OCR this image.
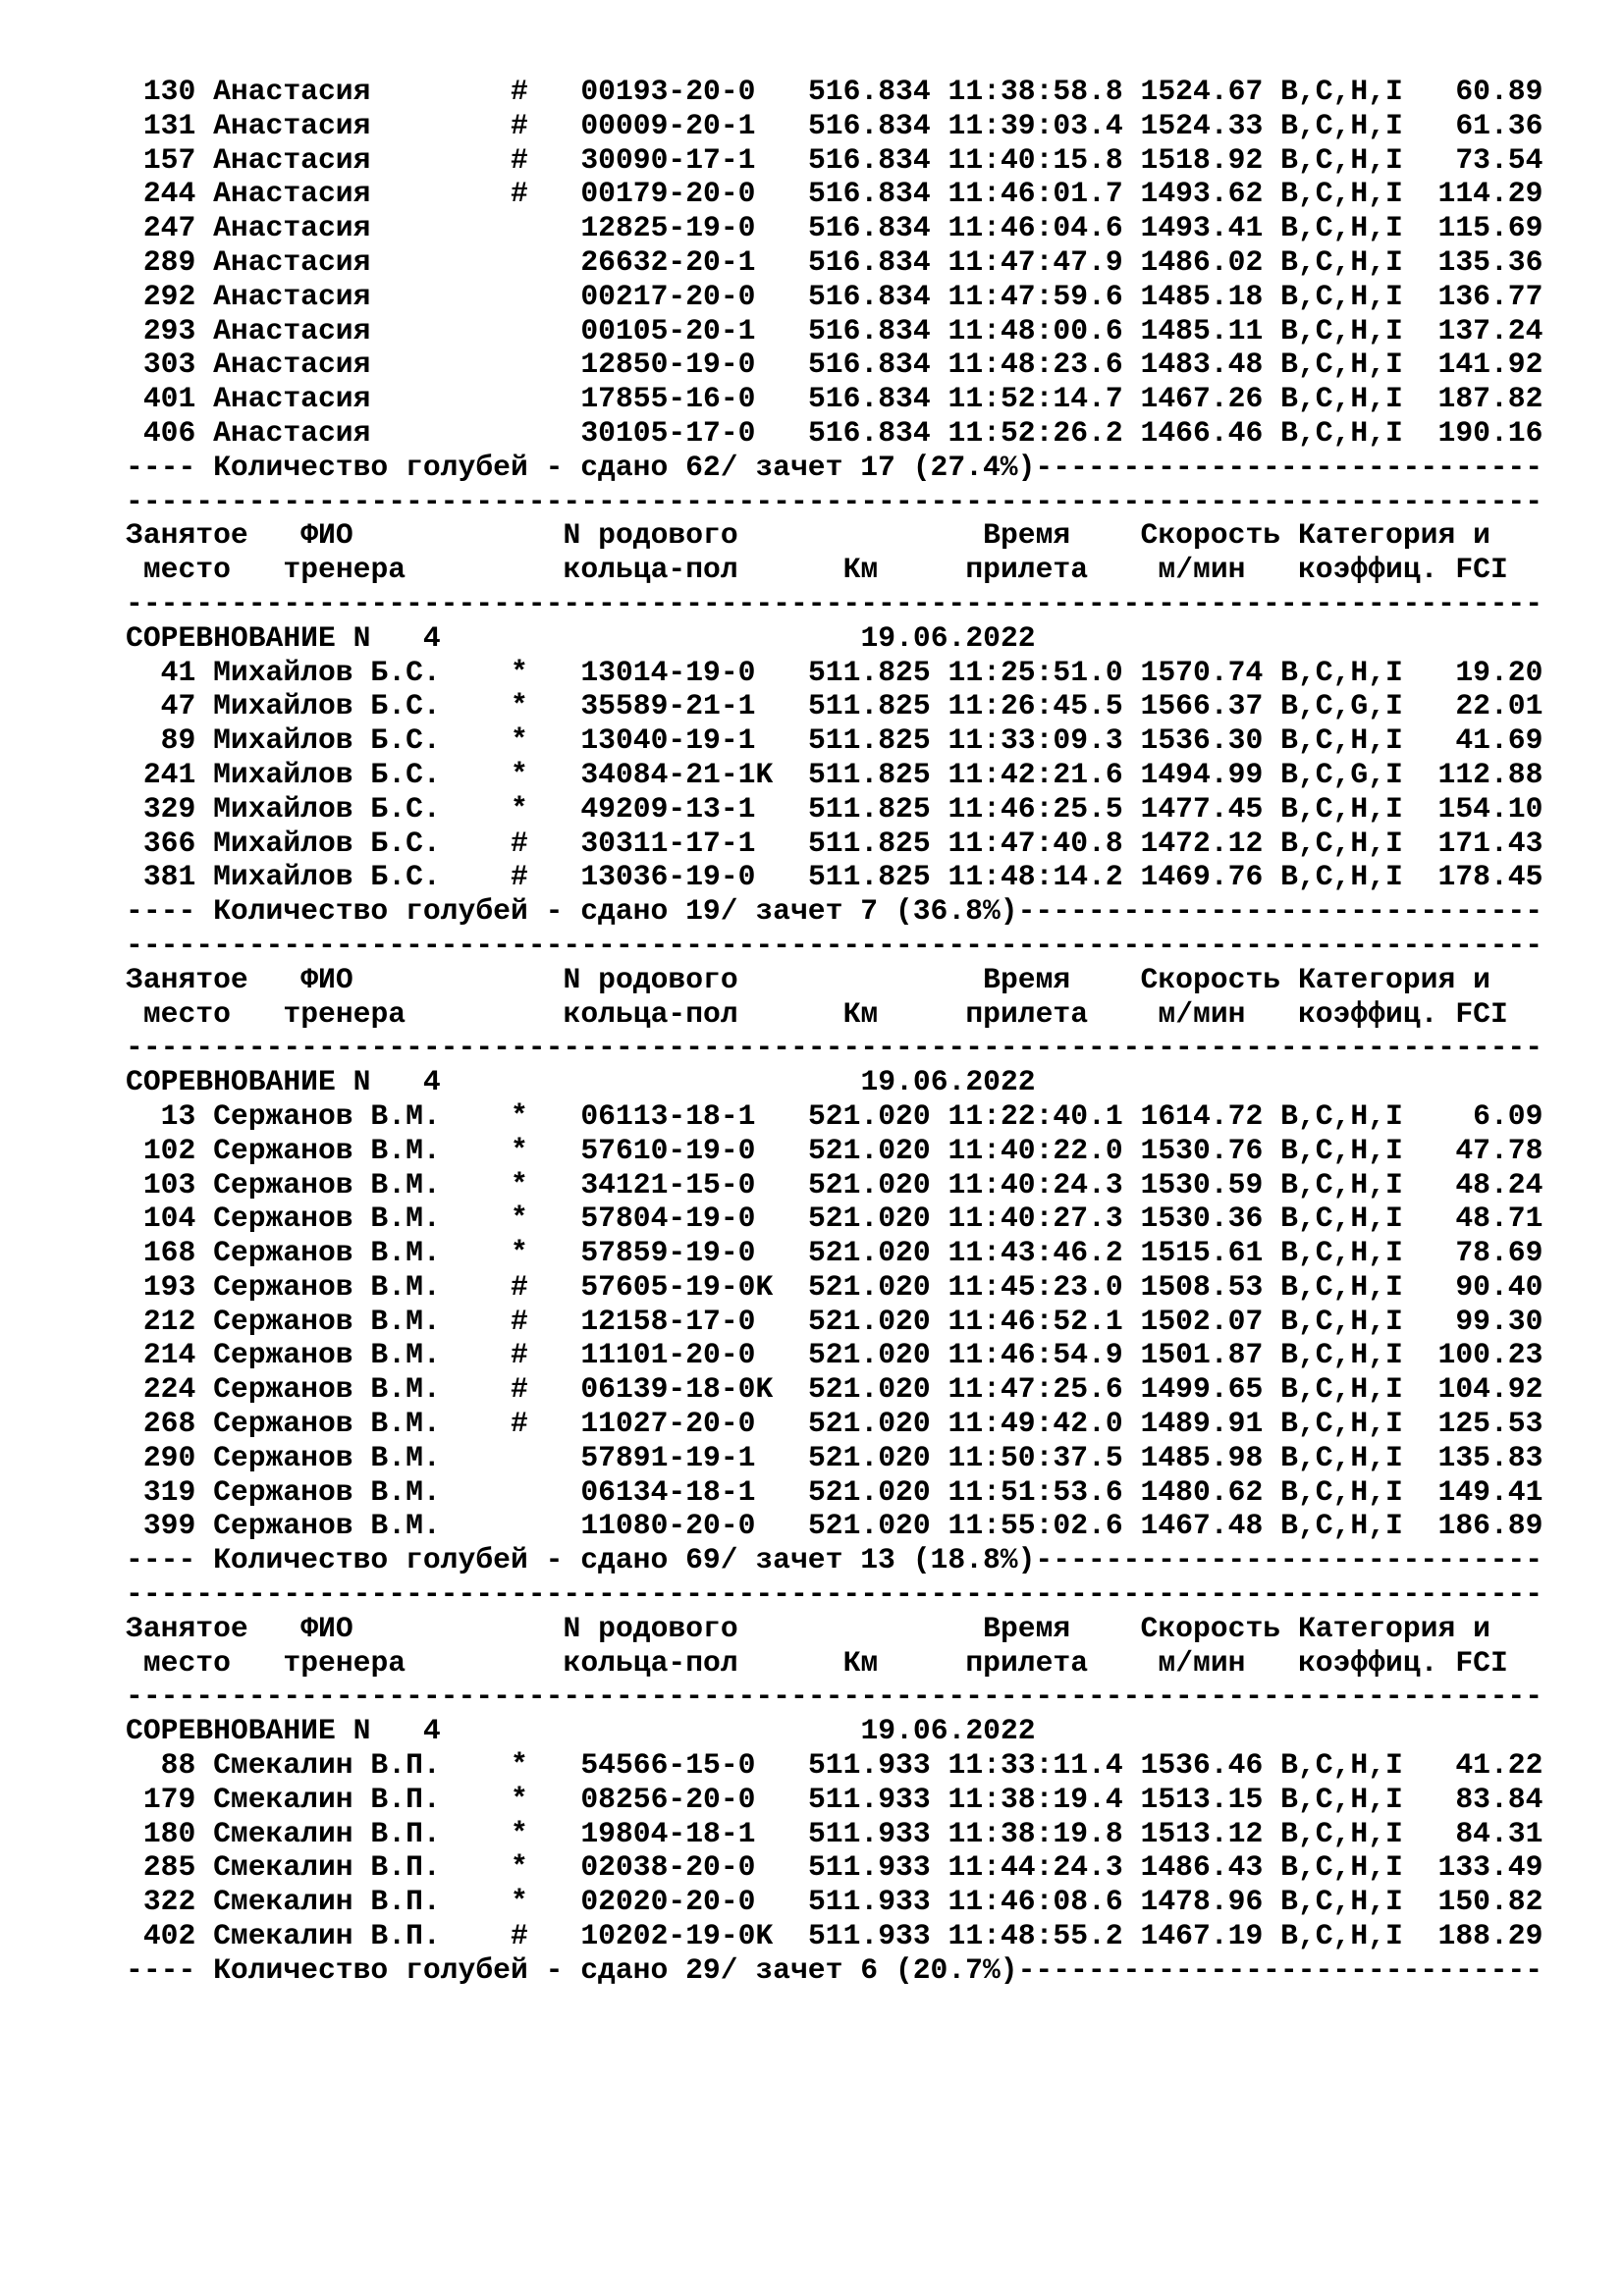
130 Анастасия	# 00193-20-0	516.834 11:38:58.8 1524.67 B,C,H,I	60.89
131 Анастасия	# 00009-20-1	516.834 11:39:03.4 1524.33 B,C,H,I	61.36
157 Анастасия	# 30090-17-1	516.834 11:40:15.8 1518.92 B,C,H,I	73.54
244 Анастасия	# 00179-20-0	516.834 11:46:01.7 1493.62 B,C,H,I	114.29
247 Анастасия	12825-19-0	516.834 11:46:04.6 1493.41 B,C,H,I	115.69
289 Анастасия	26632-20-1	516.834 11:47:47.9 1486.02 B,C,H,I	135.36
292 Анастасия	00217-20-0	516.834 11:47:59.6 1485.18 B,C,H,I	136.77
293 Анастасия	00105-20-1	516.834 11:48:00.6 1485.11 B,C,H,I	137.24
303 Анастасия	12850-19-0	516.834 11:48:23.6 1483.48 B,C,H,I	141.92
401 Анастасия	17855-16-0	516.834 11:52:14.7 1467.26 B,C,H,I	187.82
406 Анастасия	30105-17-0	516.834 11:52:26.2 1466.46 B,C,H,I	190.16
---- Количество голубей - сдано 62/ зачет 17 (27.4%)-----------------------------
---------------------------------------------------------------------------------
Занятое	ФИО	N родового	Время	Скорость Категория и
место	тренера	кольца-пол	Км	прилета	м/мин	коэффиц. FCI
---------------------------------------------------------------------------------
СОРЕВНОВАНИЕ N   4	19.06.2022
41 Михайлов Б.С.	* 13014-19-0	511.825 11:25:51.0 1570.74 B,C,H,I	19.20
47 Михайлов Б.С.	* 35589-21-1	511.825 11:26:45.5 1566.37 B,C,G,I	22.01
89 Михайлов Б.С.	* 13040-19-1	511.825 11:33:09.3 1536.30 B,C,H,I	41.69
241 Михайлов Б.С.	* 34084-21-1K 511.825 11:42:21.6 1494.99 B,C,G,I	112.88
329 Михайлов Б.С.	* 49209-13-1	511.825 11:46:25.5 1477.45 B,C,H,I	154.10
366 Михайлов Б.С.	# 30311-17-1	511.825 11:47:40.8 1472.12 B,C,H,I	171.43
381 Михайлов Б.С.	# 13036-19-0	511.825 11:48:14.2 1469.76 B,C,H,I	178.45
---- Количество голубей - сдано 19/ зачет 7 (36.8%)------------------------------
---------------------------------------------------------------------------------
Занятое	ФИО	N родового	Время	Скорость Категория и
место	тренера	кольца-пол	Км	прилета	м/мин	коэффиц. FCI
---------------------------------------------------------------------------------
СОРЕВНОВАНИЕ N   4	19.06.2022
13 Сержанов В.М.	* 06113-18-1	521.020 11:22:40.1 1614.72 B,C,H,I	6.09
102 Сержанов В.М.	* 57610-19-0	521.020 11:40:22.0 1530.76 B,C,H,I	47.78
103 Сержанов В.М.	* 34121-15-0	521.020 11:40:24.3 1530.59 B,C,H,I	48.24
104 Сержанов В.М.	* 57804-19-0	521.020 11:40:27.3 1530.36 B,C,H,I	48.71
168 Сержанов В.М.	* 57859-19-0	521.020 11:43:46.2 1515.61 B,C,H,I	78.69
193 Сержанов В.М.	# 57605-19-0K 521.020 11:45:23.0 1508.53 B,C,H,I	90.40
212 Сержанов В.М.	# 12158-17-0	521.020 11:46:52.1 1502.07 B,C,H,I	99.30
214 Сержанов В.М.	# 11101-20-0	521.020 11:46:54.9 1501.87 B,C,H,I	100.23
224 Сержанов В.М.	# 06139-18-0K 521.020 11:47:25.6 1499.65 B,C,H,I	104.92
268 Сержанов В.М.	# 11027-20-0	521.020 11:49:42.0 1489.91 B,C,H,I	125.53
290 Сержанов В.М.	57891-19-1	521.020 11:50:37.5 1485.98 B,C,H,I	135.83
319 Сержанов В.М.	06134-18-1	521.020 11:51:53.6 1480.62 B,C,H,I	149.41
399 Сержанов В.М.	11080-20-0	521.020 11:55:02.6 1467.48 B,C,H,I	186.89
---- Количество голубей - сдано 69/ зачет 13 (18.8%)-----------------------------
---------------------------------------------------------------------------------
Занятое	ФИО	N родового	Время	Скорость Категория и
место	тренера	кольца-пол	Км	прилета	м/мин	коэффиц. FCI
---------------------------------------------------------------------------------
СОРЕВНОВАНИЕ N   4	19.06.2022
88 Смекалин В.П.	* 54566-15-0	511.933 11:33:11.4 1536.46 B,C,H,I	41.22
179 Смекалин В.П.	* 08256-20-0	511.933 11:38:19.4 1513.15 B,C,H,I	83.84
180 Смекалин В.П.	* 19804-18-1	511.933 11:38:19.8 1513.12 B,C,H,I	84.31
285 Смекалин В.П.	* 02038-20-0	511.933 11:44:24.3 1486.43 B,C,H,I	133.49
322 Смекалин В.П.	* 02020-20-0	511.933 11:46:08.6 1478.96 B,C,H,I	150.82
402 Смекалин В.П.	# 10202-19-0K 511.933 11:48:55.2 1467.19 B,C,H,I	188.29
---- Количество голубей - сдано 29/ зачет 6 (20.7%)------------------------------
